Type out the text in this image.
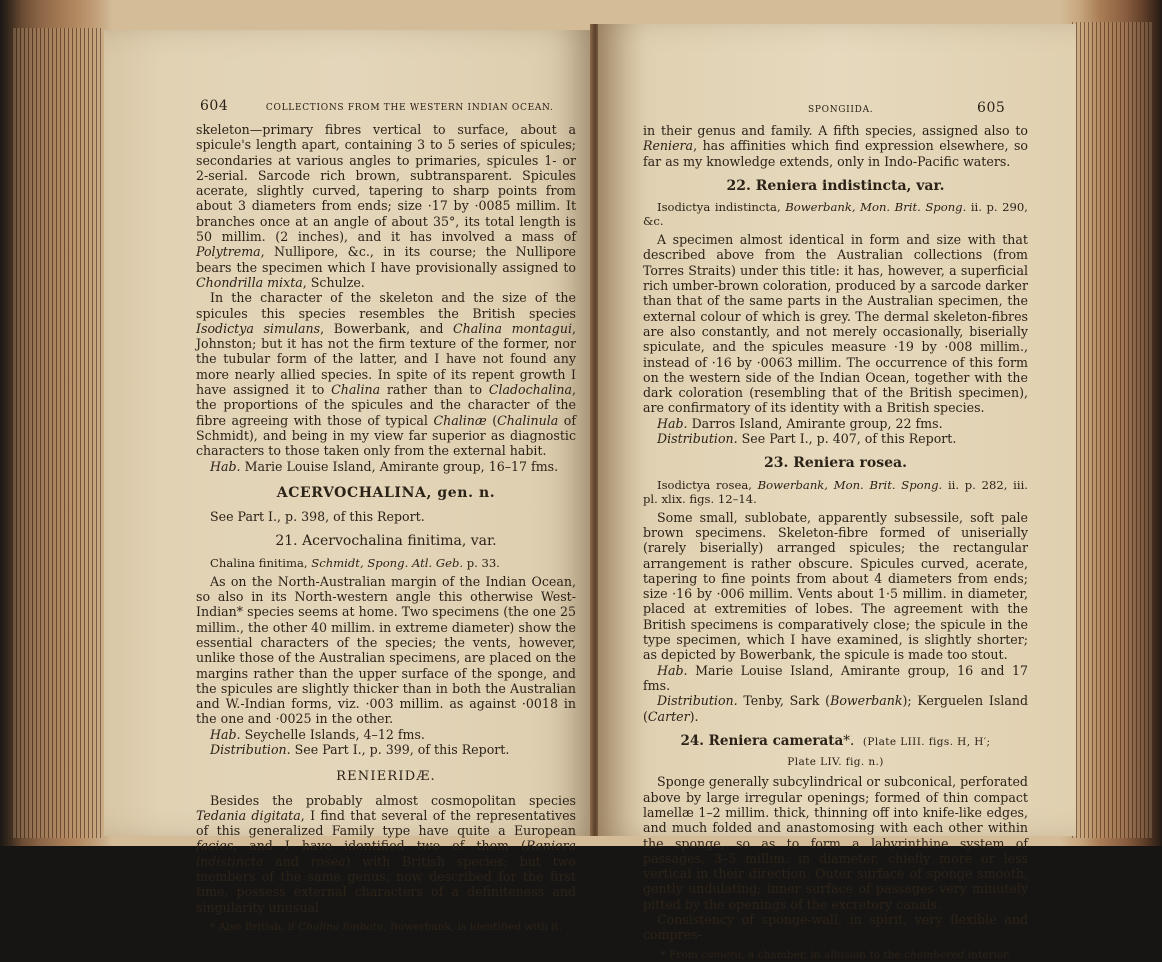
604	COLLECTIONS FROM THE WESTERN INDIAN OCEAN.

skeleton—primary fibres vertical to surface, about a spicule's length apart, containing 3 to 5 series of spicules; secondaries at various angles to primaries, spicules 1- or 2-serial. Sarcode rich brown, subtransparent. Spicules acerate, slightly curved, tapering to sharp points from about 3 diameters from ends; size ·17 by ·0085 millim. It branches once at an angle of about 35°, its total length is 50 millim. (2 inches), and it has involved a mass of Polytrema, Nullipore, &c., in its course; the Nullipore bears the specimen which I have provisionally assigned to Chondrilla mixta, Schulze.

In the character of the skeleton and the size of the spicules this species resembles the British species Isodictya simulans, Bowerbank, and Chalina montagui, Johnston; but it has not the firm texture of the former, nor the tubular form of the latter, and I have not found any more nearly allied species. In spite of its repent growth I have assigned it to Chalina rather than to Cladochalina, the proportions of the spicules and the character of the fibre agreeing with those of typical Chalinæ (Chalinula of Schmidt), and being in my view far superior as diagnostic characters to those taken only from the external habit.

Hab. Marie Louise Island, Amirante group, 16–17 fms.

ACERVOCHALINA, gen. n.

See Part I., p. 398, of this Report.

21. Acervochalina finitima, var.

Chalina finitima, Schmidt, Spong. Atl. Geb. p. 33.

As on the North-Australian margin of the Indian Ocean, so also in its North-western angle this otherwise West-Indian* species seems at home. Two specimens (the one 25 millim., the other 40 millim. in extreme diameter) show the essential characters of the species; the vents, however, unlike those of the Australian specimens, are placed on the margins rather than the upper surface of the sponge, and the spicules are slightly thicker than in both the Australian and W.-Indian forms, viz. ·003 millim. as against ·0018 in the one and ·0025 in the other.

Hab. Seychelle Islands, 4–12 fms.

Distribution. See Part I., p. 399, of this Report.

RENIERIDÆ.

Besides the probably almost cosmopolitan species Tedania digitata, I find that several of the representatives of this generalized Family type have quite a European facies, and I have identified two of them (Reniera indistincta and rosea) with British species; but two members of the same genus, now described for the first time, possess external characters of a definiteness and singularity unusual

* Also British, if Chalina limbata, Bowerbank, is identified with it.
SPONGIIDA.	605

in their genus and family. A fifth species, assigned also to Reniera, has affinities which find expression elsewhere, so far as my knowledge extends, only in Indo-Pacific waters.

22. Reniera indistincta, var.

Isodictya indistincta, Bowerbank, Mon. Brit. Spong. ii. p. 290, &c.

A specimen almost identical in form and size with that described above from the Australian collections (from Torres Straits) under this title: it has, however, a superficial rich umber-brown coloration, produced by a sarcode darker than that of the same parts in the Australian specimen, the external colour of which is grey. The dermal skeleton-fibres are also constantly, and not merely occasionally, biserially spiculate, and the spicules measure ·19 by ·008 millim., instead of ·16 by ·0063 millim. The occurrence of this form on the western side of the Indian Ocean, together with the dark coloration (resembling that of the British specimen), are confirmatory of its identity with a British species.

Hab. Darros Island, Amirante group, 22 fms.

Distribution. See Part I., p. 407, of this Report.

23. Reniera rosea.

Isodictya rosea, Bowerbank, Mon. Brit. Spong. ii. p. 282, iii. pl. xlix. figs. 12–14.

Some small, sublobate, apparently subsessile, soft pale brown specimens. Skeleton-fibre formed of uniserially (rarely biserially) arranged spicules; the rectangular arrangement is rather obscure. Spicules curved, acerate, tapering to fine points from about 4 diameters from ends; size ·16 by ·006 millim. Vents about 1·5 millim. in diameter, placed at extremities of lobes. The agreement with the British specimens is comparatively close; the spicule in the type specimen, which I have examined, is slightly shorter; as depicted by Bowerbank, the spicule is made too stout.

Hab. Marie Louise Island, Amirante group, 16 and 17 fms.

Distribution. Tenby, Sark (Bowerbank); Kerguelen Island (Carter).

24. Reniera camerata*. (Plate LIII. figs. H, H′;
Plate LIV. fig. n.)

Sponge generally subcylindrical or subconical, perforated above by large irregular openings; formed of thin compact lamellæ 1–2 millim. thick, thinning off into knife-like edges, and much folded and anastomosing with each other within the sponge, so as to form a labyrinthine system of passages, 3–5 millim. in diameter, chiefly more or less vertical in their direction. Outer surface of sponge smooth, gently undulating; inner surface of passages very minutely pitted by the openings of the excretory canals.

Consistency of sponge-wall, in spirit, very flexible and compres-

* From camera, a chamber, in allusion to the chambered interior.
